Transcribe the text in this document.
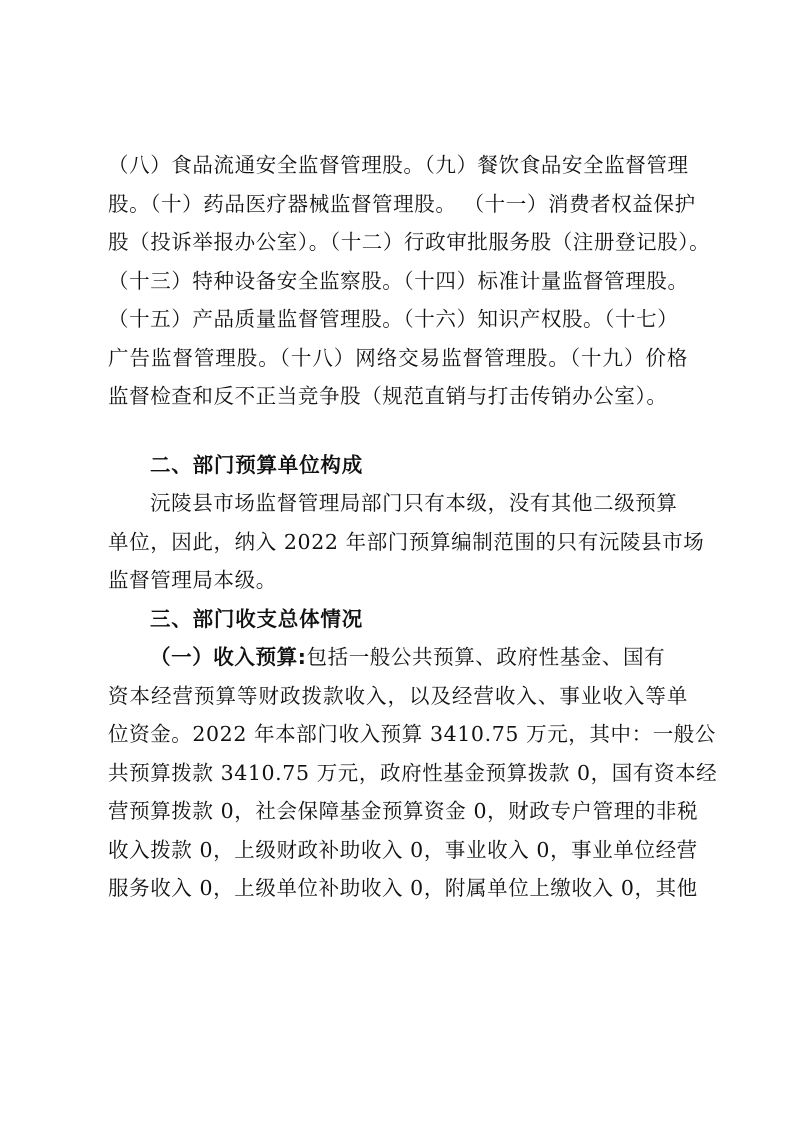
（八）食品流通安全监督管理股。（九）餐饮食品安全监督管理
股。（十）药品医疗器械监督管理股。 （十一）消费者权益保护
股（投诉举报办公室）。（十二）行政审批服务股（注册登记股）。
（十三）特种设备安全监察股。（十四）标准计量监督管理股。
（十五）产品质量监督管理股。（十六）知识产权股。（十七）
广告监督管理股。（十八）网络交易监督管理股。（十九）价格
监督检查和反不正当竞争股（规范直销与打击传销办公室）。
二、部门预算单位构成
沅陵县市场监督管理局部门只有本级，没有其他二级预算
单位，因此，纳入 2022 年部门预算编制范围的只有沅陵县市场
监督管理局本级。
三、部门收支总体情况
（一）收入预算:包括一般公共预算、政府性基金、国有
资本经营预算等财政拨款收入，以及经营收入、事业收入等单
位资金。2022 年本部门收入预算 3410.75 万元，其中：一般公
共预算拨款 3410.75 万元，政府性基金预算拨款 0，国有资本经
营预算拨款 0，社会保障基金预算资金 0，财政专户管理的非税
收入拨款 0，上级财政补助收入 0，事业收入 0，事业单位经营
服务收入 0，上级单位补助收入 0，附属单位上缴收入 0，其他
